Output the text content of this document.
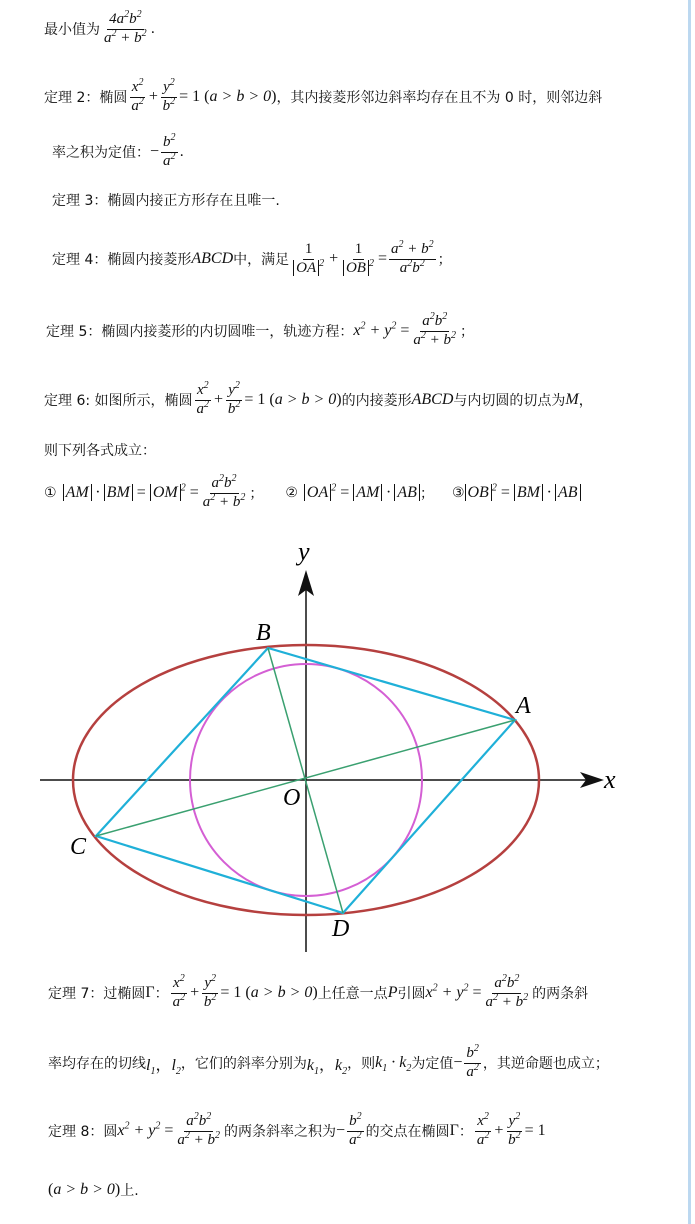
最小值为 $\frac{4a^2b^2}{a^2 + b^2}$ .
定理 2：椭圆 $\frac{x^2}{a^2} + \frac{y^2}{b^2} = 1$ (a > b > 0) ，其内接菱形邻边斜率均存在且不为 0 时，则邻边斜
率之积为定值： − $\frac{b^2}{a^2}$ .
定理 3：椭圆内接正方形存在且唯一.
定理 4：椭圆内接菱形 ABCD 中，满足 $\frac{1}{OA ^2} + \frac{1}{OB ^2} = \frac{a^2 + b^2}{a^2b^2}$ ；
定理 5：椭圆内接菱形的内切圆唯一，轨迹方程： $x^2 + y^2 = \frac{a^2b^2}{a^2 + b^2}$ ；
定理 6: 如图所示，椭圆 $\frac{x^2}{a^2} + \frac{y^2}{b^2} = 1$ (a > b > 0) 的内接菱形 ABCD 与内切圆的切点为 M ，
则下列各式成立：
① AM · BM = OM $^2 = \frac{a^2b^2}{a^2 + b^2}$ ； ② OA $^2$ = AM · AB ； ③ OB $^2$ = BM · AB
y
x
O
A
B
C
D
定理 7：过椭圆 Γ ： $\frac{x^2}{a^2} + \frac{y^2}{b^2} = 1$ (a > b > 0) 上任意一点 P 引圆 $x^2 + y^2 = \frac{a^2b^2}{a^2 + b^2}$ 的两条斜
率均存在的切线 $l_1$，$l_2$ ，它们的斜率分别为 $k_1$，$k_2$ ，则 $k_1 \cdot k_2$ 为定值 − $\frac{b^2}{a^2}$ ，其逆命题也成立；
定理 8：圆 $x^2 + y^2 = \frac{a^2b^2}{a^2 + b^2}$ 的两条斜率之积为 − $\frac{b^2}{a^2}$ 的交点在椭圆 Γ ： $\frac{x^2}{a^2} + \frac{y^2}{b^2} = 1$
(a > b > 0) 上.
